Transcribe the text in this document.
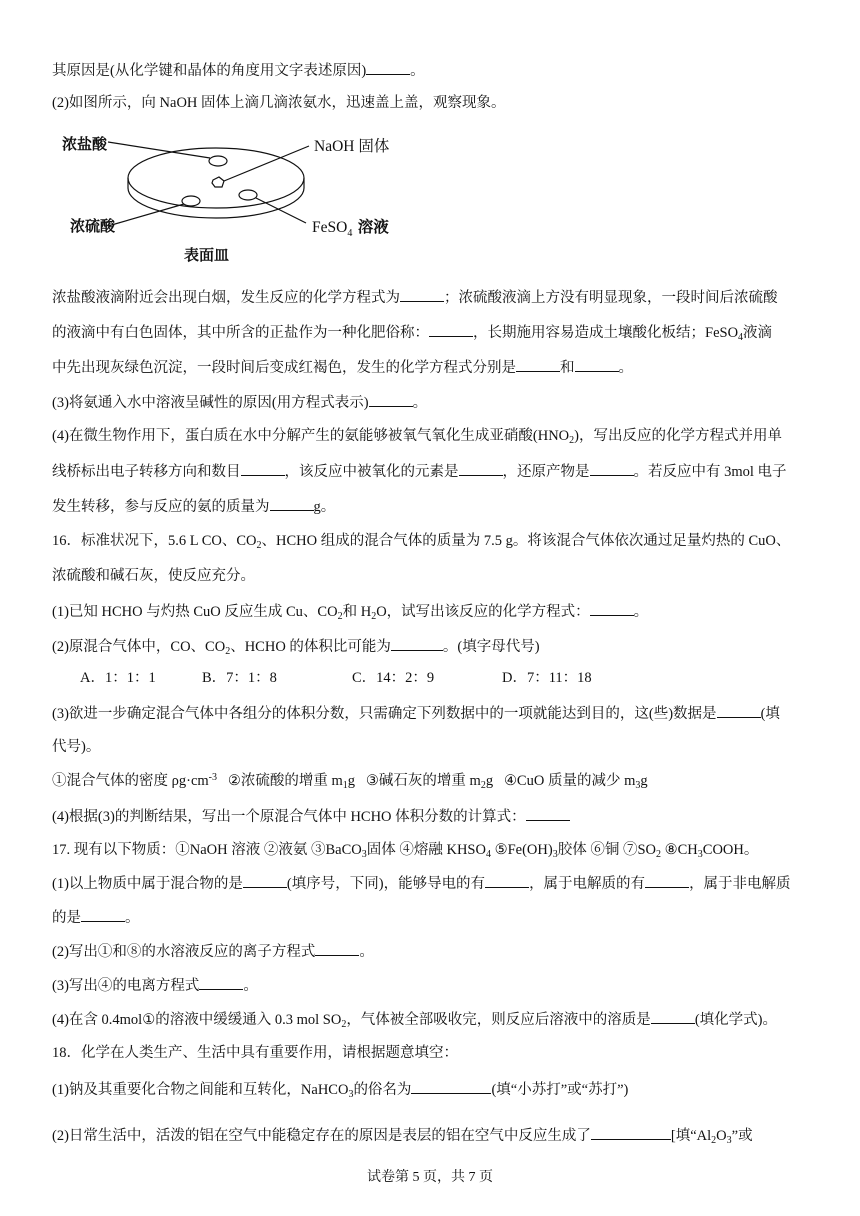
其原因是(从化学键和晶体的角度用文字表述原因)	。
(2)如图所示，向 NaOH 固体上滴几滴浓氨水，迅速盖上盖，观察现象。
浓盐酸	NaOH 固体
浓硫酸	FeSO$_4$ 溶液
表面皿
浓盐酸液滴附近会出现白烟，发生反应的化学方程式为	；浓硫酸液滴上方没有明显现象，一段时间后浓硫酸
的液滴中有白色固体，其中所含的正盐作为一种化肥俗称：	，长期施用容易造成土壤酸化板结；FeSO$_4$液滴
中先出现灰绿色沉淀，一段时间后变成红褐色，发生的化学方程式分别是	和	。
(3)将氨通入水中溶液呈碱性的原因(用方程式表示)	。
(4)在微生物作用下，蛋白质在水中分解产生的氨能够被氧气氧化生成亚硝酸$(HNO_2)$，写出反应的化学方程式并用单
线桥标出电子转移方向和数目	，该反应中被氧化的元素是	，还原产物是	。若反应中有 3mol 电子
发生转移，参与反应的氨的质量为	g。
16．标准状况下，5.6 L CO、$CO_2$、HCHO 组成的混合气体的质量为 7.5 g。将该混合气体依次通过足量灼热的 CuO、
浓硫酸和碱石灰，使反应充分。
(1)已知 HCHO 与灼热 CuO 反应生成 Cu、$CO_2$和 $H_2O$，试写出该反应的化学方程式：	。
(2)原混合气体中，CO、$CO_2$、HCHO 的体积比可能为	。(填字母代号)
A．1：1：1	B．7：1：8	C．14：2：9	D．7：11：18
(3)欲进一步确定混合气体中各组分的体积分数，只需确定下列数据中的一项就能达到目的，这(些)数据是	(填
代号)。
①混合气体的密度 $\rho g\cdot cm^{-3}$   ②浓硫酸的增重 $m_1g$   ③碱石灰的增重 $m_2g$   ④CuO 质量的减少 $m_3g$
(4)根据(3)的判断结果，写出一个原混合气体中 HCHO 体积分数的计算式：
17. 现有以下物质：①NaOH 溶液 ②液氨 ③BaCO$_3$固体 ④熔融 $KHSO_4$ $⑤Fe(OH)_3$胶体 ⑥铜 $⑦SO_2$ $⑧CH_3COOH$。
(1)以上物质中属于混合物的是	(填序号，下同)，能够导电的有	，属于电解质的有	，属于非电解质
的是	。
(2)写出①和⑧的水溶液反应的离子方程式	。
(3)写出④的电离方程式	。
(4)在含 0.4mol①的溶液中缓缓通入 0.3 mol $SO_2$，气体被全部吸收完，则反应后溶液中的溶质是	(填化学式)。
18．化学在人类生产、生活中具有重要作用，请根据题意填空：
(1)钠及其重要化合物之间能和互转化，NaHCO$_3$的俗名为	(填“小苏打”或“苏打”)
(2)日常生活中，活泼的铝在空气中能稳定存在的原因是表层的铝在空气中反应生成了	[填“$Al_2O_3$”或
试卷第 5 页，共 7 页
